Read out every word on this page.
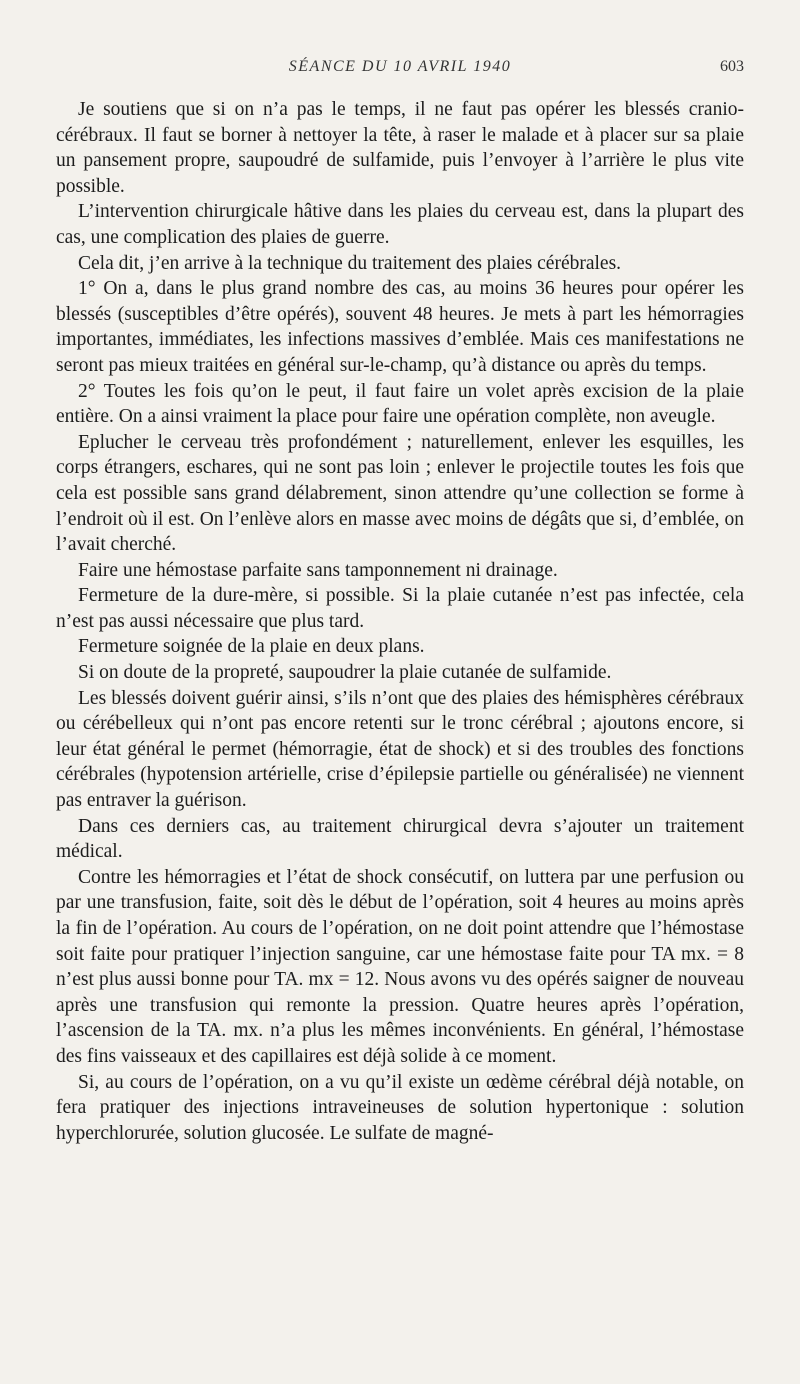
SÉANCE DU 10 AVRIL 1940	603

Je soutiens que si on n’a pas le temps, il ne faut pas opérer les blessés cranio-cérébraux. Il faut se borner à nettoyer la tête, à raser le malade et à placer sur sa plaie un pansement propre, saupoudré de sulfamide, puis l’envoyer à l’arrière le plus vite possible.

L’intervention chirurgicale hâtive dans les plaies du cerveau est, dans la plupart des cas, une complication des plaies de guerre.

Cela dit, j’en arrive à la technique du traitement des plaies cérébrales.

1° On a, dans le plus grand nombre des cas, au moins 36 heures pour opérer les blessés (susceptibles d’être opérés), souvent 48 heures. Je mets à part les hémorragies importantes, immédiates, les infections massives d’emblée. Mais ces manifestations ne seront pas mieux traitées en général sur-le-champ, qu’à distance ou après du temps.

2° Toutes les fois qu’on le peut, il faut faire un volet après excision de la plaie entière. On a ainsi vraiment la place pour faire une opération complète, non aveugle.

Eplucher le cerveau très profondément ; naturellement, enlever les esquilles, les corps étrangers, eschares, qui ne sont pas loin ; enlever le projectile toutes les fois que cela est possible sans grand délabrement, sinon attendre qu’une collection se forme à l’endroit où il est. On l’enlève alors en masse avec moins de dégâts que si, d’emblée, on l’avait cherché.

Faire une hémostase parfaite sans tamponnement ni drainage.

Fermeture de la dure-mère, si possible. Si la plaie cutanée n’est pas infectée, cela n’est pas aussi nécessaire que plus tard.

Fermeture soignée de la plaie en deux plans.

Si on doute de la propreté, saupoudrer la plaie cutanée de sulfamide.

Les blessés doivent guérir ainsi, s’ils n’ont que des plaies des hémisphères cérébraux ou cérébelleux qui n’ont pas encore retenti sur le tronc cérébral ; ajoutons encore, si leur état général le permet (hémorragie, état de shock) et si des troubles des fonctions cérébrales (hypotension artérielle, crise d’épilepsie partielle ou généralisée) ne viennent pas entraver la guérison.

Dans ces derniers cas, au traitement chirurgical devra s’ajouter un traitement médical.

Contre les hémorragies et l’état de shock consécutif, on luttera par une perfusion ou par une transfusion, faite, soit dès le début de l’opération, soit 4 heures au moins après la fin de l’opération. Au cours de l’opération, on ne doit point attendre que l’hémostase soit faite pour pratiquer l’injection sanguine, car une hémostase faite pour TA mx. = 8 n’est plus aussi bonne pour TA. mx = 12. Nous avons vu des opérés saigner de nouveau après une transfusion qui remonte la pression. Quatre heures après l’opération, l’ascension de la TA. mx. n’a plus les mêmes inconvénients. En général, l’hémostase des fins vaisseaux et des capillaires est déjà solide à ce moment.

Si, au cours de l’opération, on a vu qu’il existe un œdème cérébral déjà notable, on fera pratiquer des injections intraveineuses de solution hypertonique : solution hyperchlorurée, solution glucosée. Le sulfate de magné-
